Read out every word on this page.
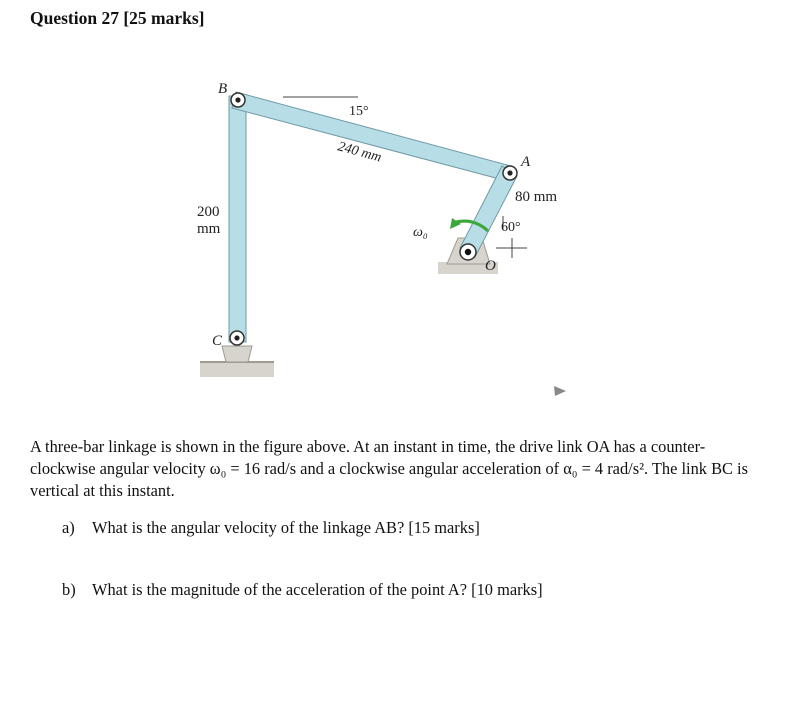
Question 27 [25 marks]
B
A
C
O
15°
240 mm
80 mm
60°
200
mm	ω₀
A three-bar linkage is shown in the figure above. At an instant in time, the drive link OA has a counter-clockwise angular velocity ω₀ = 16 rad/s and a clockwise angular acceleration of α₀ = 4 rad/s². The link BC is vertical at this instant.
a) What is the angular velocity of the linkage AB? [15 marks]
b) What is the magnitude of the acceleration of the point A? [10 marks]
